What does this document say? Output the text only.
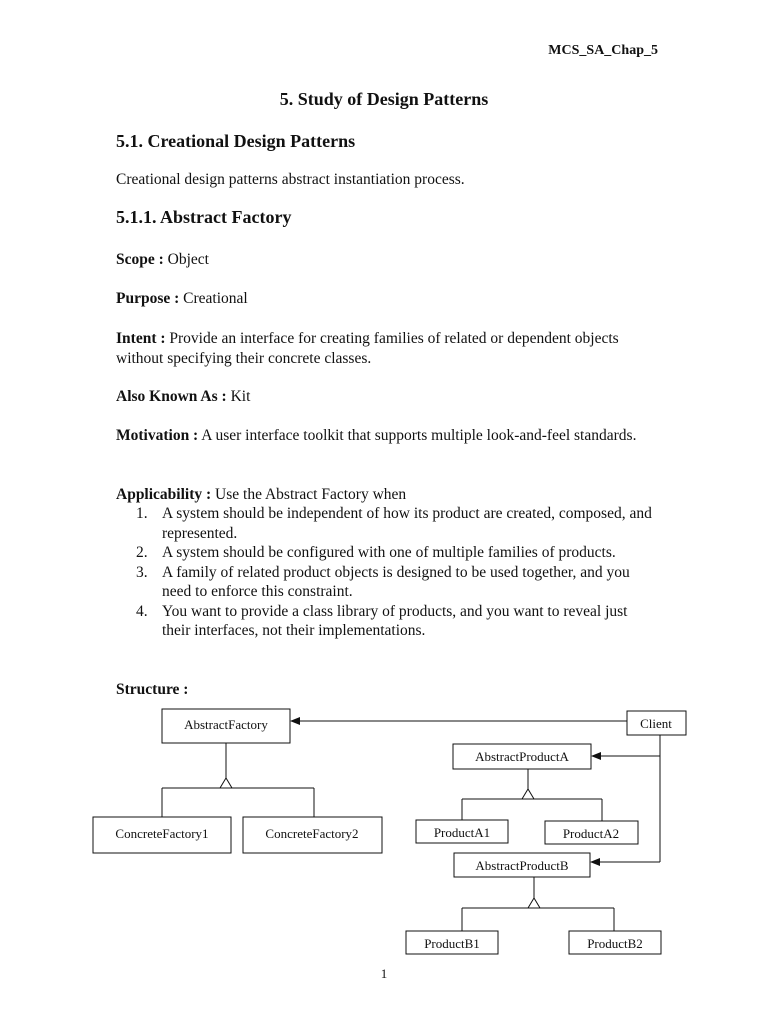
MCS_SA_Chap_5
5. Study of Design Patterns
5.1. Creational Design Patterns
Creational design patterns abstract instantiation process.
5.1.1. Abstract Factory
Scope : Object
Purpose : Creational
Intent : Provide an interface for creating families of related or dependent objects without specifying their concrete classes.
Also Known As : Kit
Motivation : A user interface toolkit that supports multiple look-and-feel standards.
Applicability : Use the Abstract Factory when
1. A system should be independent of how its product are created, composed, and represented.
2. A system should be configured with one of multiple families of products.
3. A family of related product objects is designed to be used together, and you need to enforce this constraint.
4. You want to provide a class library of products, and you want to reveal just their interfaces, not their implementations.
Structure :
AbstractFactory	Client
AbstractProductA
ConcreteFactory1	ConcreteFactory2	ProductA1	ProductA2
AbstractProductB
ProductB1	ProductB2
1
